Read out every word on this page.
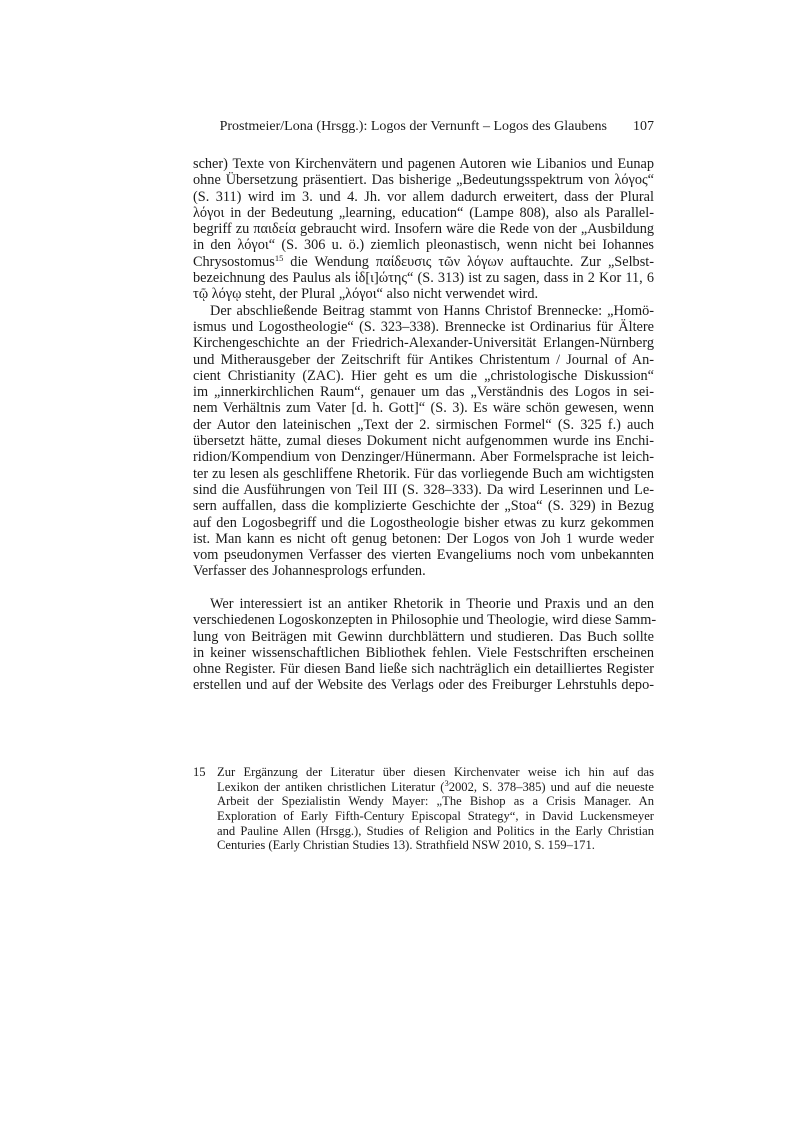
Prostmeier/Lona (Hrsgg.): Logos der Vernunft – Logos des Glaubens 107
scher) Texte von Kirchenvätern und pagenen Autoren wie Libanios und Eunap
ohne Übersetzung präsentiert. Das bisherige „Bedeutungsspektrum von λόγος“
(S. 311) wird im 3. und 4. Jh. vor allem dadurch erweitert, dass der Plural
λόγοι in der Bedeutung „learning, education“ (Lampe 808), also als Parallel-
begriff zu παιδεία gebraucht wird. Insofern wäre die Rede von der „Ausbildung
in den λόγοι“ (S. 306 u. ö.) ziemlich pleonastisch, wenn nicht bei Iohannes
Chrysostomus$^{15}$ die Wendung παίδευσις τῶν λόγων auftauchte. Zur „Selbst-
bezeichnung des Paulus als ἰδ[ι]ώτης“ (S. 313) ist zu sagen, dass in 2 Kor 11, 6
τῷ λόγῳ steht, der Plural „λόγοι“ also nicht verwendet wird.
Der abschließende Beitrag stammt von Hanns Christof Brennecke: „Homö-
ismus und Logostheologie“ (S. 323–338). Brennecke ist Ordinarius für Ältere
Kirchengeschichte an der Friedrich-Alexander-Universität Erlangen-Nürnberg
und Mitherausgeber der Zeitschrift für Antikes Christentum / Journal of An-
cient Christianity (ZAC). Hier geht es um die „christologische Diskussion“
im „innerkirchlichen Raum“, genauer um das „Verständnis des Logos in sei-
nem Verhältnis zum Vater [d. h. Gott]“ (S. 3). Es wäre schön gewesen, wenn
der Autor den lateinischen „Text der 2. sirmischen Formel“ (S. 325 f.) auch
übersetzt hätte, zumal dieses Dokument nicht aufgenommen wurde ins Enchi-
ridion/Kompendium von Denzinger/Hünermann. Aber Formelsprache ist leich-
ter zu lesen als geschliffene Rhetorik. Für das vorliegende Buch am wichtigsten
sind die Ausführungen von Teil III (S. 328–333). Da wird Leserinnen und Le-
sern auffallen, dass die komplizierte Geschichte der „Stoa“ (S. 329) in Bezug
auf den Logosbegriff und die Logostheologie bisher etwas zu kurz gekommen
ist. Man kann es nicht oft genug betonen: Der Logos von Joh 1 wurde weder
vom pseudonymen Verfasser des vierten Evangeliums noch vom unbekannten
Verfasser des Johannesprologs erfunden.
Wer interessiert ist an antiker Rhetorik in Theorie und Praxis und an den
verschiedenen Logoskonzepten in Philosophie und Theologie, wird diese Samm-
lung von Beiträgen mit Gewinn durchblättern und studieren. Das Buch sollte
in keiner wissenschaftlichen Bibliothek fehlen. Viele Festschriften erscheinen
ohne Register. Für diesen Band ließe sich nachträglich ein detailliertes Register
erstellen und auf der Website des Verlags oder des Freiburger Lehrstuhls depo-
15 Zur Ergänzung der Literatur über diesen Kirchenvater weise ich hin auf das
Lexikon der antiken christlichen Literatur ($^3$2002, S. 378–385) und auf die neueste
Arbeit der Spezialistin Wendy Mayer: „The Bishop as a Crisis Manager. An
Exploration of Early Fifth-Century Episcopal Strategy“, in David Luckensmeyer
and Pauline Allen (Hrsgg.), Studies of Religion and Politics in the Early Christian
Centuries (Early Christian Studies 13). Strathfield NSW 2010, S. 159–171.
